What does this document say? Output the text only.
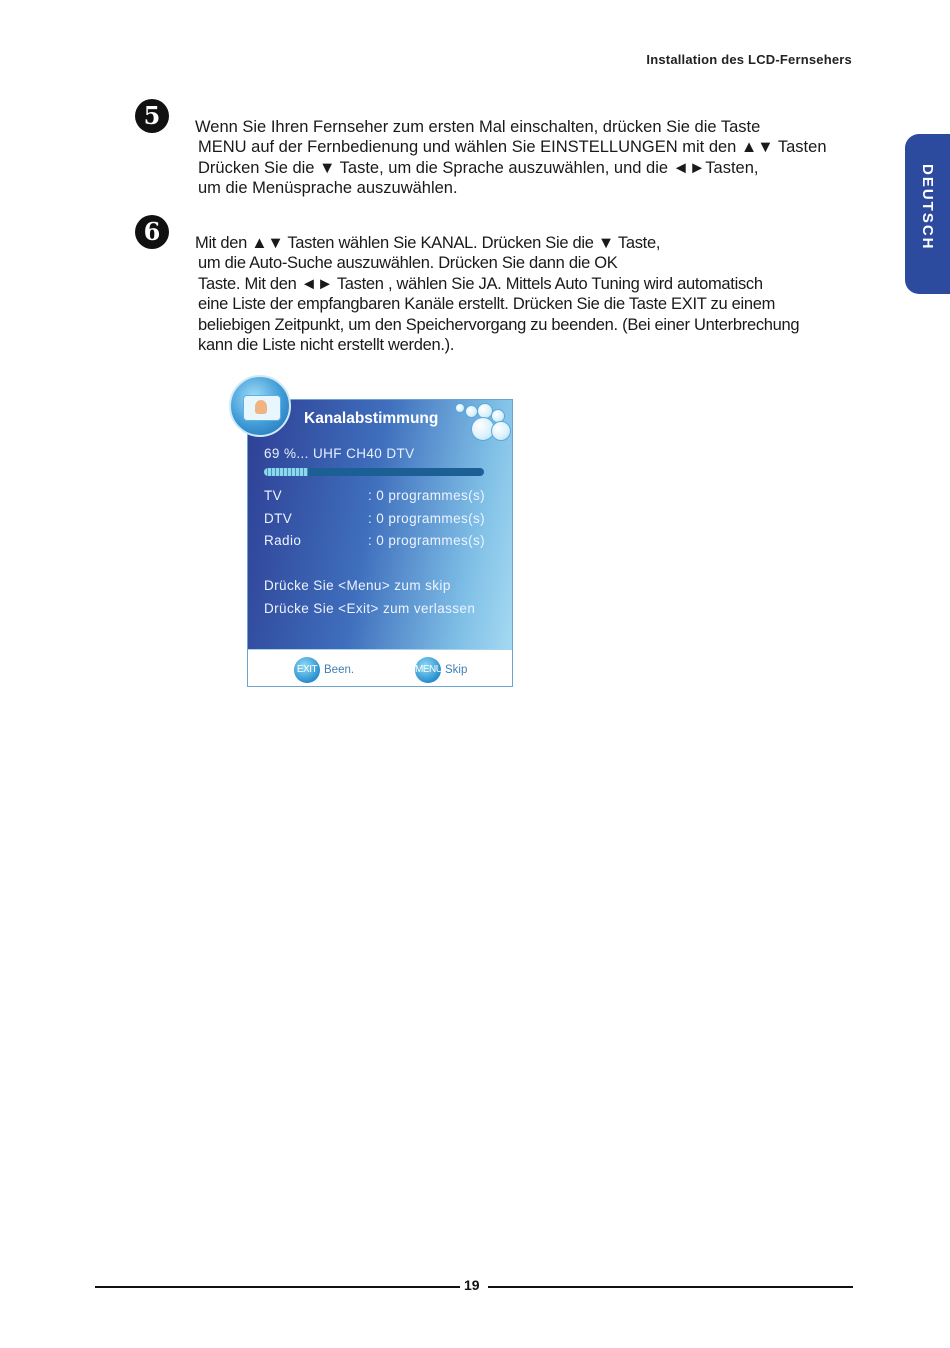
Installation des LCD-Fernsehers
DEUTSCH
5	Wenn Sie Ihren Fernseher zum ersten Mal einschalten, drücken Sie die Taste
MENU auf der Fernbedienung und wählen Sie EINSTELLUNGEN mit den ▲▼ Tasten
Drücken Sie die ▼ Taste, um die Sprache auszuwählen, und die ◄►Tasten,
um die Menüsprache auszuwählen.
6	Mit den ▲▼ Tasten wählen Sie KANAL. Drücken Sie die ▼ Taste,
um die Auto-Suche auszuwählen. Drücken Sie dann die OK
Taste. Mit den ◄► Tasten , wählen Sie JA. Mittels Auto Tuning wird automatisch
eine Liste der empfangbaren Kanäle erstellt. Drücken Sie die Taste EXIT zu einem
beliebigen Zeitpunkt, um den Speichervorgang zu beenden. (Bei einer Unterbrechung
kann die Liste nicht erstellt werden.).
Kanalabstimmung
69 %... UHF CH40 DTV
TV	: 0 programmes(s)
DTV	: 0 programmes(s)
Radio	: 0 programmes(s)
Drücke Sie <Menu> zum skip
Drücke Sie <Exit> zum verlassen
EXIT Been.	MENU Skip
19
